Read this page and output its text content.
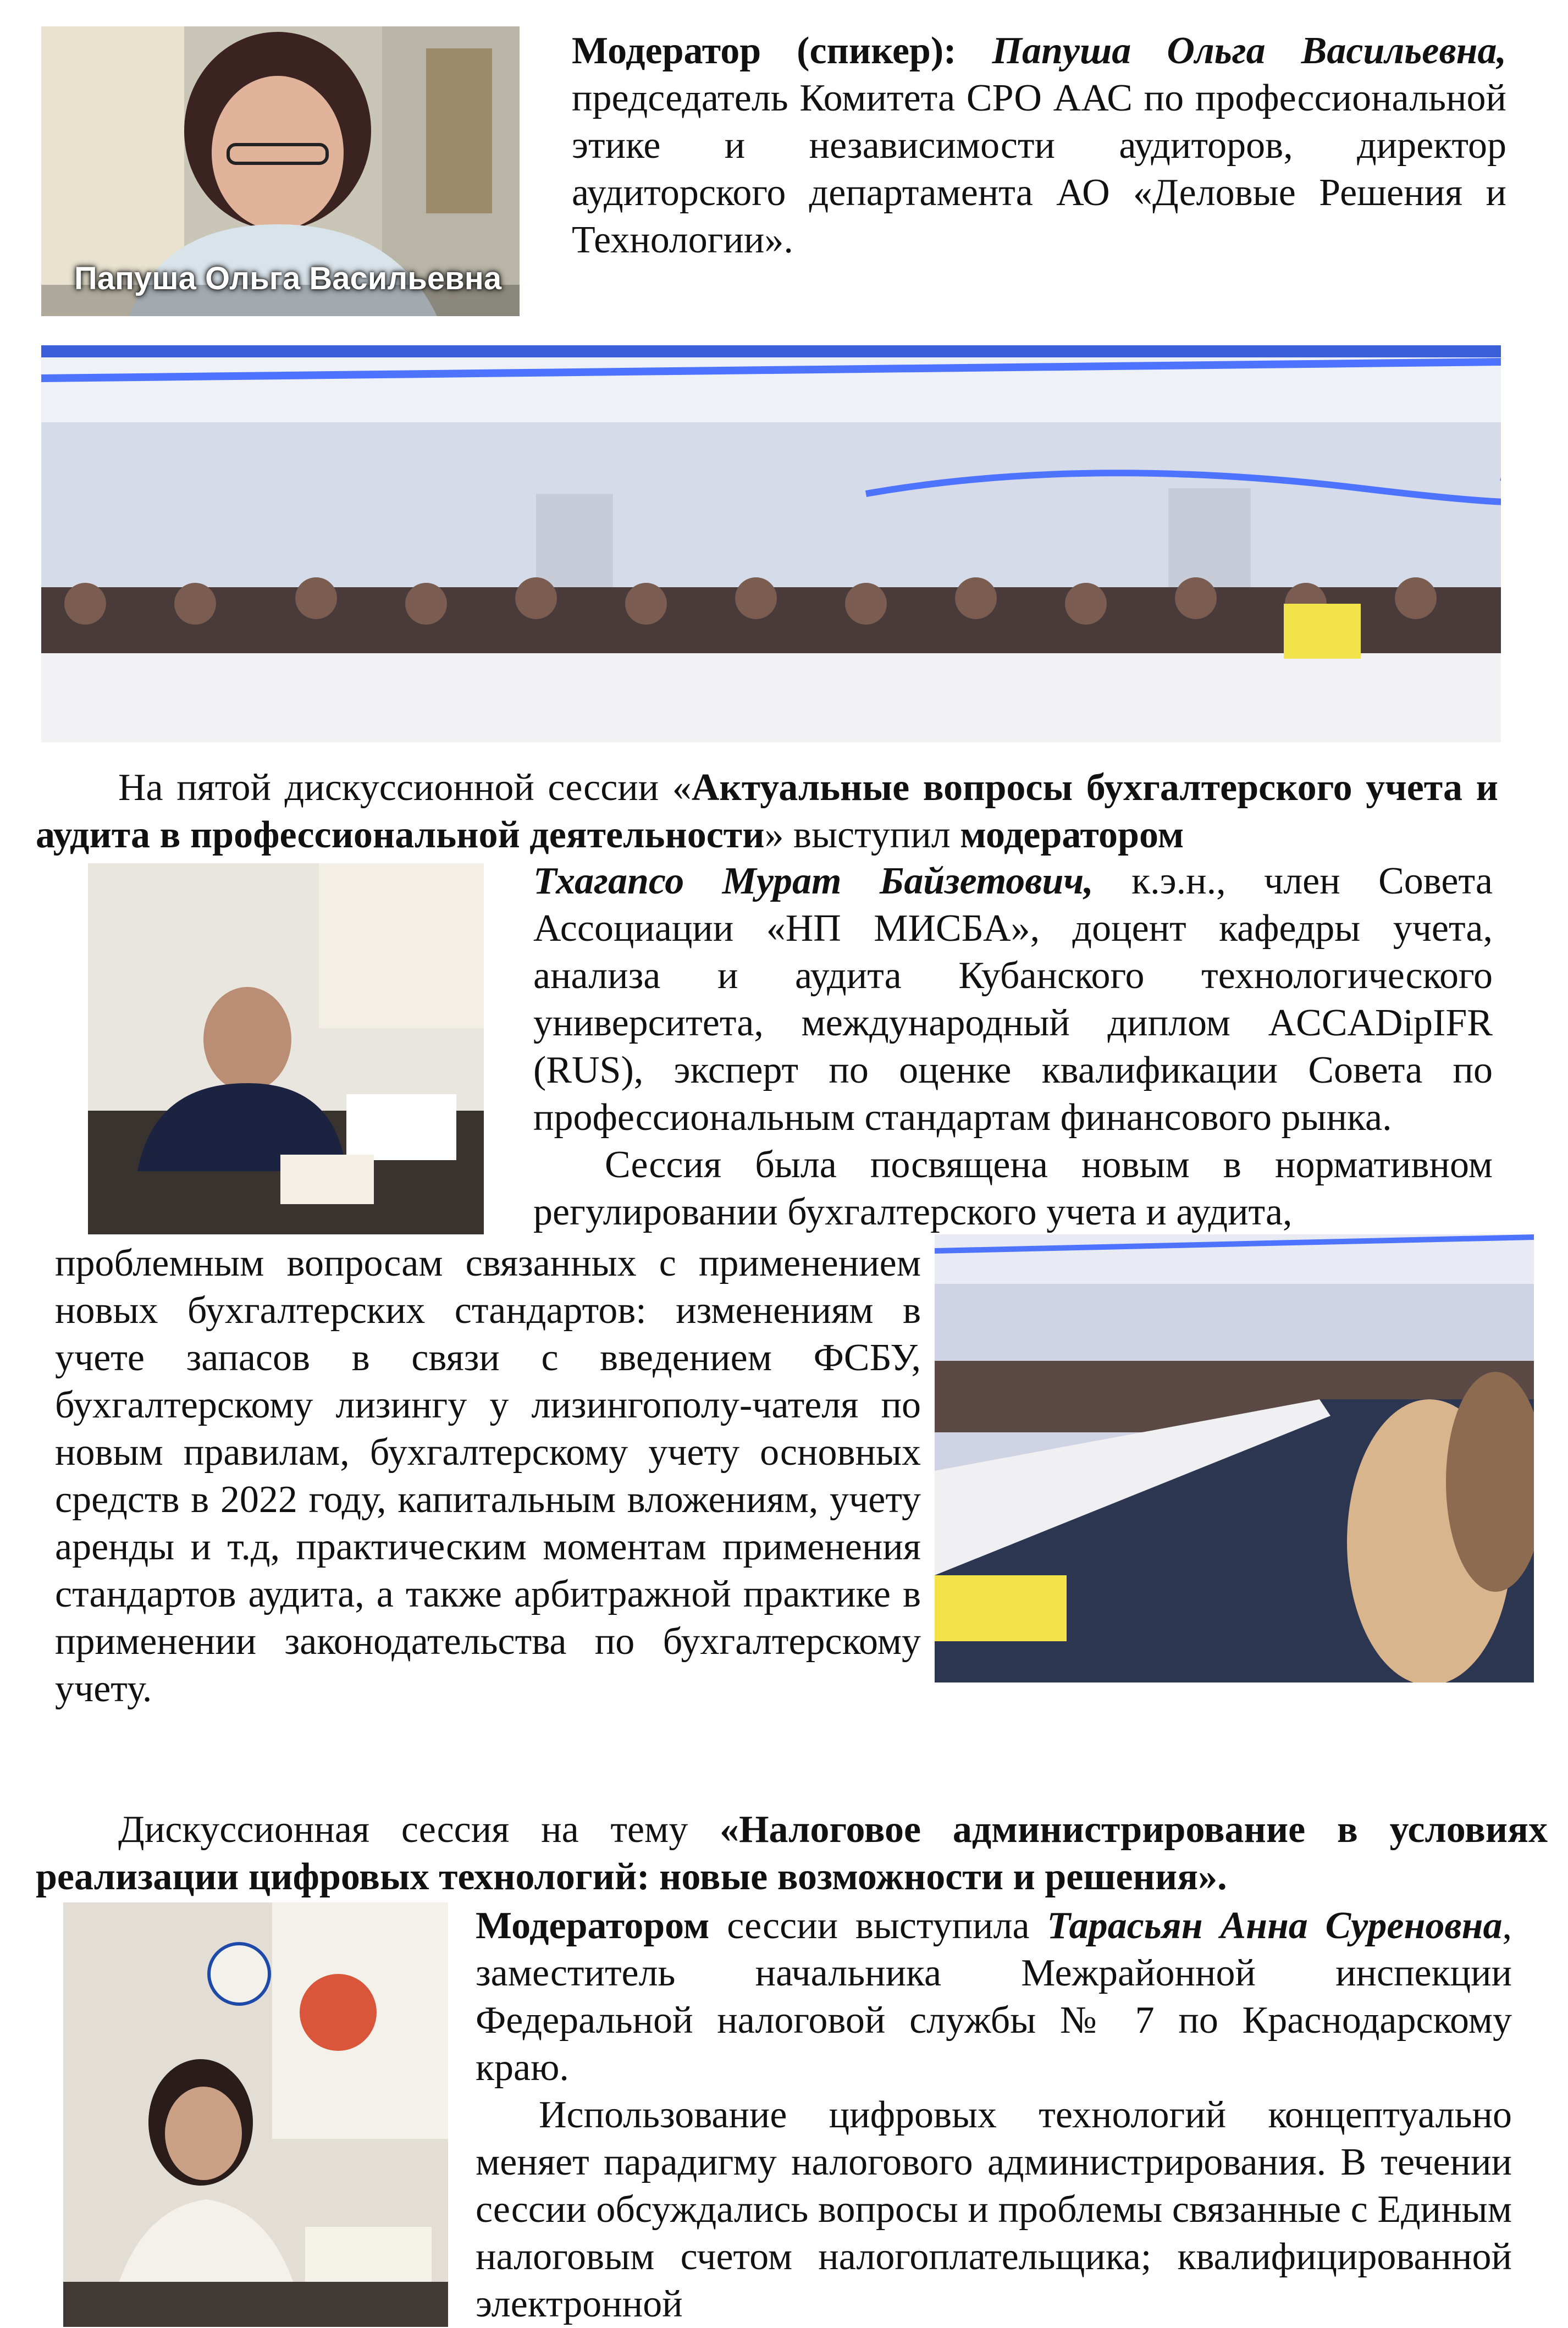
Папуша Ольга Васильевна

Модератор (спикер): Папуша Ольга Васильевна, председатель Комитета СРО ААС по профессиональной этике и независимости аудиторов, директор аудиторского департамента АО «Деловые Решения и Технологии».

На пятой дискуссионной сессии «Актуальные вопросы бухгалтерского учета и аудита в профессиональной деятельности» выступил модератором

Тхагапсо Мурат Байзетович, к.э.н., член Совета Ассоциации «НП МИСБА», доцент кафедры учета, анализа и аудита Кубанского технологического университета, международный диплом ACCADipIFR (RUS), эксперт по оценке квалификации Совета по профессиональным стандартам финансового рынка.

Сессия была посвящена новым в нормативном регулировании бухгалтерского учета и аудита,

проблемным вопросам связанных с применением новых бухгалтерских стандартов: изменениям в учете запасов в связи с введением ФСБУ, бухгалтерскому лизингу у лизингополу-чателя по новым правилам, бухгалтерскому учету основных средств в 2022 году, капитальным вложениям, учету аренды и т.д, практическим моментам применения стандартов аудита, а также арбитражной практике в применении законодательства по бухгалтерскому учету.

Дискуссионная сессия на тему «Налоговое администрирование в условиях реализации цифровых технологий: новые возможности и решения».

Модератором сессии выступила Тарасьян Анна Суреновна, заместитель начальника Межрайонной инспекции Федеральной налоговой службы № 7 по Краснодарскому краю.

Использование цифровых технологий концептуально меняет парадигму налогового администрирования. В течении сессии обсуждались вопросы и проблемы связанные с Единым налоговым счетом налогоплательщика; квалифицированной электронной
